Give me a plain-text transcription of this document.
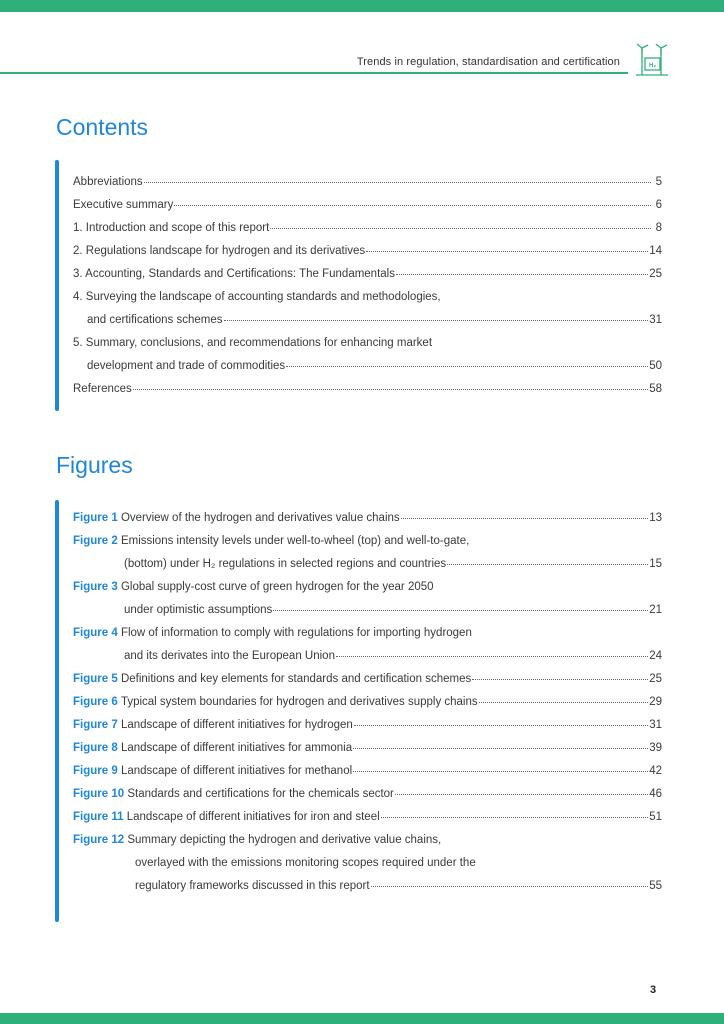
Trends in regulation, standardisation and certification	H₂
Contents
Abbreviations	5
Executive summary	6
1. Introduction and scope of this report	8
2. Regulations landscape for hydrogen and its derivatives	14
3. Accounting, Standards and Certifications: The Fundamentals	25
4. Surveying the landscape of accounting standards and methodologies,
and certifications schemes	31
5. Summary, conclusions, and recommendations for enhancing market
development and trade of commodities	50
References	58
Figures
Figure 1
Overview of the hydrogen and derivatives value chains	13
Figure 2
Emissions intensity levels under well-to-wheel (top) and well-to-gate,
(bottom) under H₂ regulations in selected regions and countries	15
Figure 3
Global supply-cost curve of green hydrogen for the year 2050
under optimistic assumptions	21
Figure 4
Flow of information to comply with regulations for importing hydrogen
and its derivates into the European Union	24
Figure 5
Definitions and key elements for standards and certification schemes	25
Figure 6
Typical system boundaries for hydrogen and derivatives supply chains	29
Figure 7
Landscape of different initiatives for hydrogen	31
Figure 8
Landscape of different initiatives for ammonia	39
Figure 9
Landscape of different initiatives for methanol	42
Figure 10
Standards and certifications for the chemicals sector	46
Figure 11
Landscape of different initiatives for iron and steel	51
Figure 12
Summary depicting the hydrogen and derivative value chains,
overlayed with the emissions monitoring scopes required under the
regulatory frameworks discussed in this report	55
3
